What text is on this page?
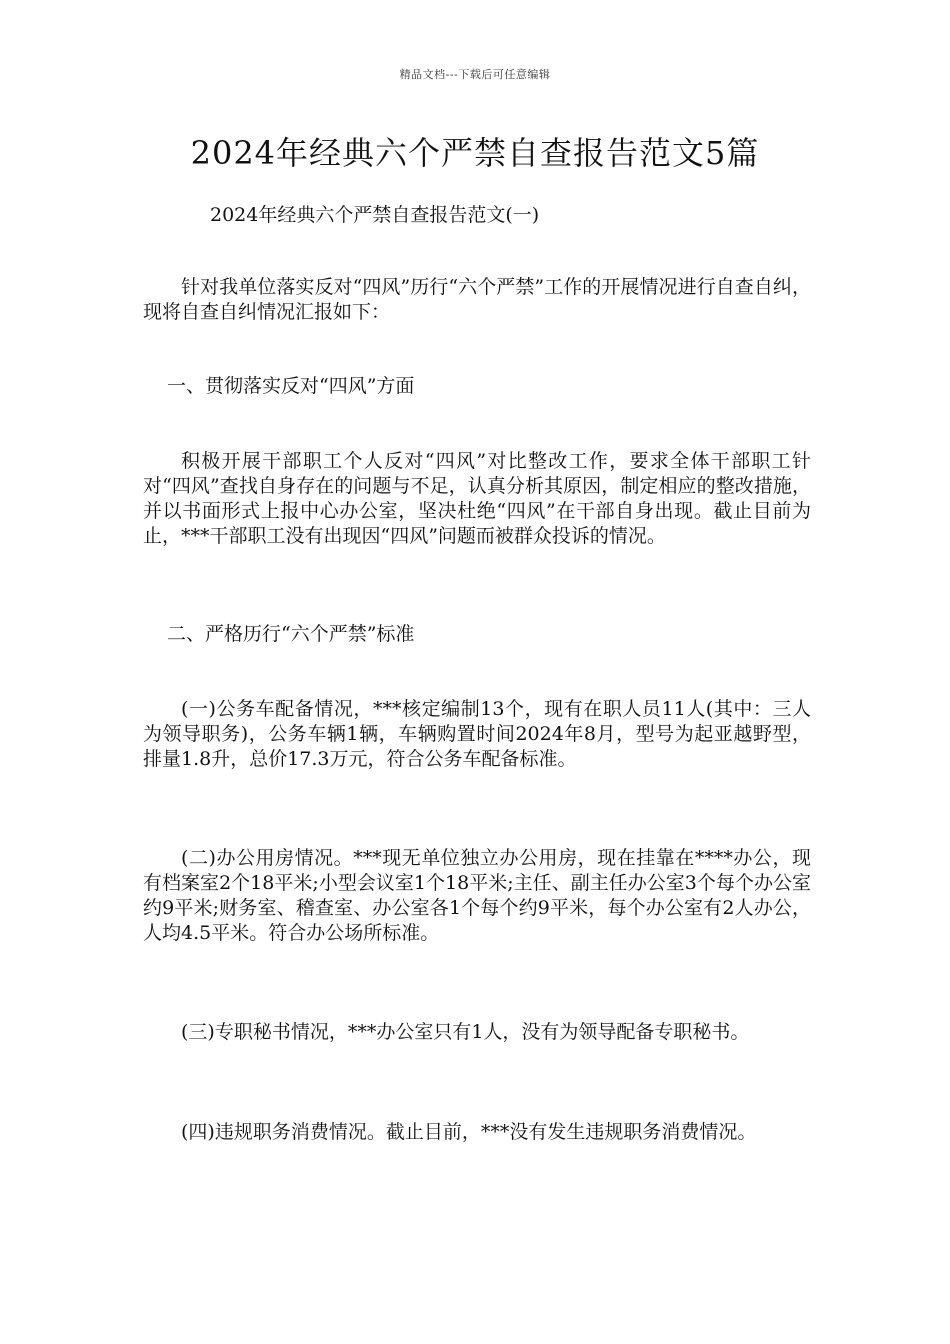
精品文档---下载后可任意编辑
2024年经典六个严禁自查报告范文5篇

2024年经典六个严禁自查报告范文(一)

针对我单位落实反对“四风”历行“六个严禁”工作的开展情况进行自查自纠，现将自查自纠情况汇报如下：

一、贯彻落实反对“四风”方面

积极开展干部职工个人反对“四风”对比整改工作，要求全体干部职工针对“四风”查找自身存在的问题与不足，认真分析其原因，制定相应的整改措施，并以书面形式上报中心办公室，坚决杜绝“四风”在干部自身出现。截止目前为止，***干部职工没有出现因“四风”问题而被群众投诉的情况。

二、严格历行“六个严禁”标准

(一)公务车配备情况，***核定编制13个，现有在职人员11人(其中：三人为领导职务)，公务车辆1辆，车辆购置时间2024年8月，型号为起亚越野型，排量1.8升，总价17.3万元，符合公务车配备标准。

(二)办公用房情况。***现无单位独立办公用房，现在挂靠在****办公，现有档案室2个18平米;小型会议室1个18平米;主任、副主任办公室3个每个办公室约9平米;财务室、稽查室、办公室各1个每个约9平米，每个办公室有2人办公，人均4.5平米。符合办公场所标准。

(三)专职秘书情况，***办公室只有1人，没有为领导配备专职秘书。

(四)违规职务消费情况。截止目前，***没有发生违规职务消费情况。
